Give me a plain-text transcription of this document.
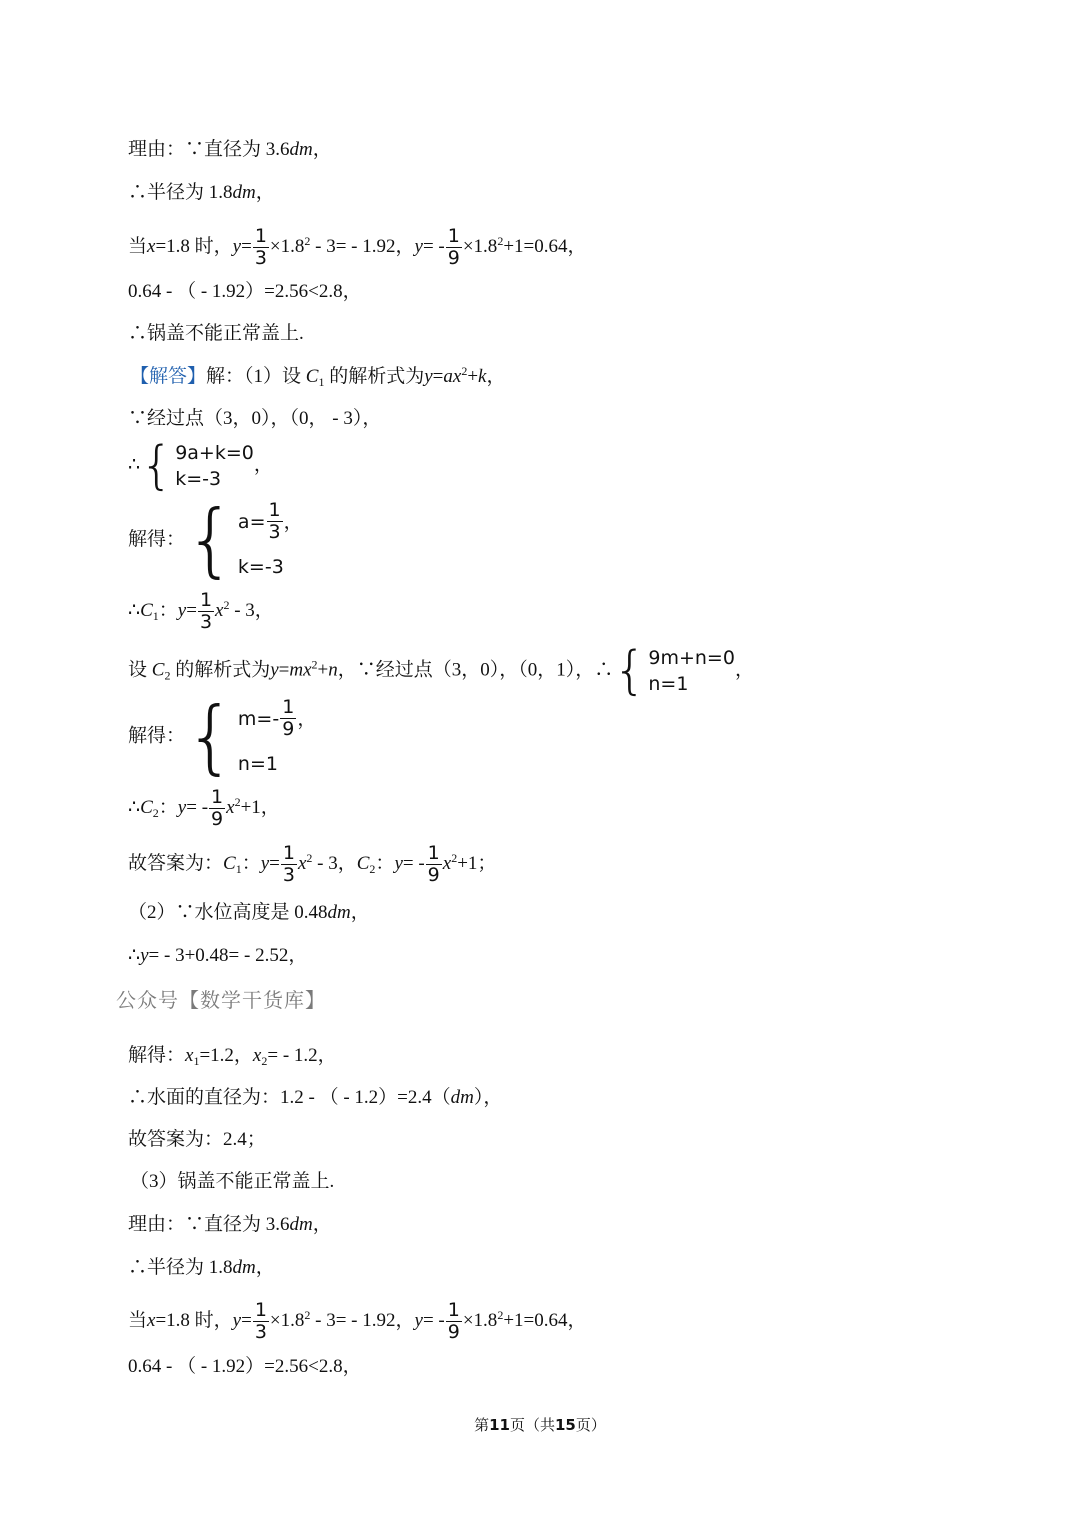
理由：∵直径为 3.6dm，
∴半径为 1.8dm，
当x=1.8 时，$y= \frac{1}{3} \times 1.8^2 - 3= - 1.92$，$y= - \frac{1}{9} \times 1.8^2+1=0.64$，
0.64 - （ - 1.92）=2.56<2.8，
∴锅盖不能正常盖上.
【解答】解：（1）设 $C_1$ 的解析式为$y=ax^2+k$，
∵经过点（3，0），（0， - 3），
∴ { 9a+k=0
k=-3
，
解得： { $a= \frac{1}{3}$ ，
k=-3
$\therefore C_1$：$y= \frac{1}{3} x^2 - 3$，
设 $C_2$ 的解析式为$y=mx^2+n$，∵经过点（3，0），（0，1），∴ { 9m+n=0
n=1
，
解得： { $m=- \frac{1}{9}$ ，
n=1
$\therefore C_2$：$y= - \frac{1}{9} x^2+1$，
故答案为：$C_1$：$y= \frac{1}{3} x^2 - 3$，$C_2$：$y= - \frac{1}{9} x^2+1$；
（2）∵水位高度是 0.48dm，
∴y= - 3+0.48= - 2.52，
公众号【数学干货库】
解得：$x_1=1.2$，$x_2= - 1.2$，
∴水面的直径为：1.2 - （ - 1.2）=2.4（dm），
故答案为：2.4；
（3）锅盖不能正常盖上.
理由：∵直径为 3.6dm，
∴半径为 1.8dm，
当x=1.8 时，$y= \frac{1}{3} \times 1.8^2 - 3= - 1.92$，$y= - \frac{1}{9} \times 1.8^2+1=0.64$，
0.64 - （ - 1.92）=2.56<2.8，
第11页（共15页）
